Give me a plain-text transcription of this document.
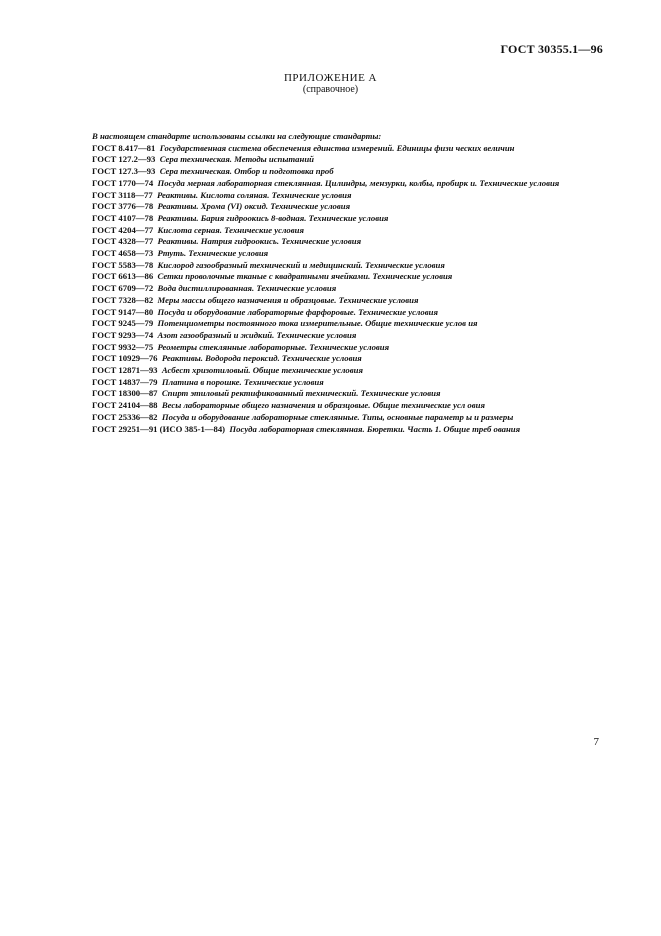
ГОСТ 30355.1—96
ПРИЛОЖЕНИЕ А
(справочное)

В настоящем стандарте использованы ссылки на следующие стандарты:

ГОСТ 8.417—81 Государственная система обеспечения единства измерений. Единицы физи ческих величин

ГОСТ 127.2—93 Сера техническая. Методы испытаний

ГОСТ 127.3—93 Сера техническая. Отбор и подготовка проб

ГОСТ 1770—74 Посуда мерная лабораторная стеклянная. Цилиндры, мензурки, колбы, пробирк и. Технические условия

ГОСТ 3118—77 Реактивы. Кислота соляная. Технические условия

ГОСТ 3776—78 Реактивы. Хрома (VI) оксид. Технические условия

ГОСТ 4107—78 Реактивы. Бария гидроокись 8-водная. Технические условия

ГОСТ 4204—77 Кислота серная. Технические условия

ГОСТ 4328—77 Реактивы. Натрия гидроокись. Технические условия

ГОСТ 4658—73 Ртуть. Технические условия

ГОСТ 5583—78 Кислород газообразный технический и медицинский. Технические условия

ГОСТ 6613—86 Сетки проволочные тканые с квадратными ячейками. Технические условия

ГОСТ 6709—72 Вода дистиллированная. Технические условия

ГОСТ 7328—82 Меры массы общего назначения и образцовые. Технические условия

ГОСТ 9147—80 Посуда и оборудование лабораторные фарфоровые. Технические условия

ГОСТ 9245—79 Потенциометры постоянного тока измерительные. Общие технические услов ия

ГОСТ 9293—74 Азот газообразный и жидкий. Технические условия

ГОСТ 9932—75 Реометры стеклянные лабораторные. Технические условия

ГОСТ 10929—76 Реактивы. Водорода пероксид. Технические условия

ГОСТ 12871—93 Асбест хризотиловый. Общие технические условия

ГОСТ 14837—79 Платина в порошке. Технические условия

ГОСТ 18300—87 Спирт этиловый ректификованный технический. Технические условия

ГОСТ 24104—88 Весы лабораторные общего назначения и образцовые. Общие технические усл овия

ГОСТ 25336—82 Посуда и оборудование лабораторные стеклянные. Типы, основные параметр ы и размеры

ГОСТ 29251—91 (ИСО 385-1—84) Посуда лабораторная стеклянная. Бюретки. Часть 1. Общие треб ования

7
